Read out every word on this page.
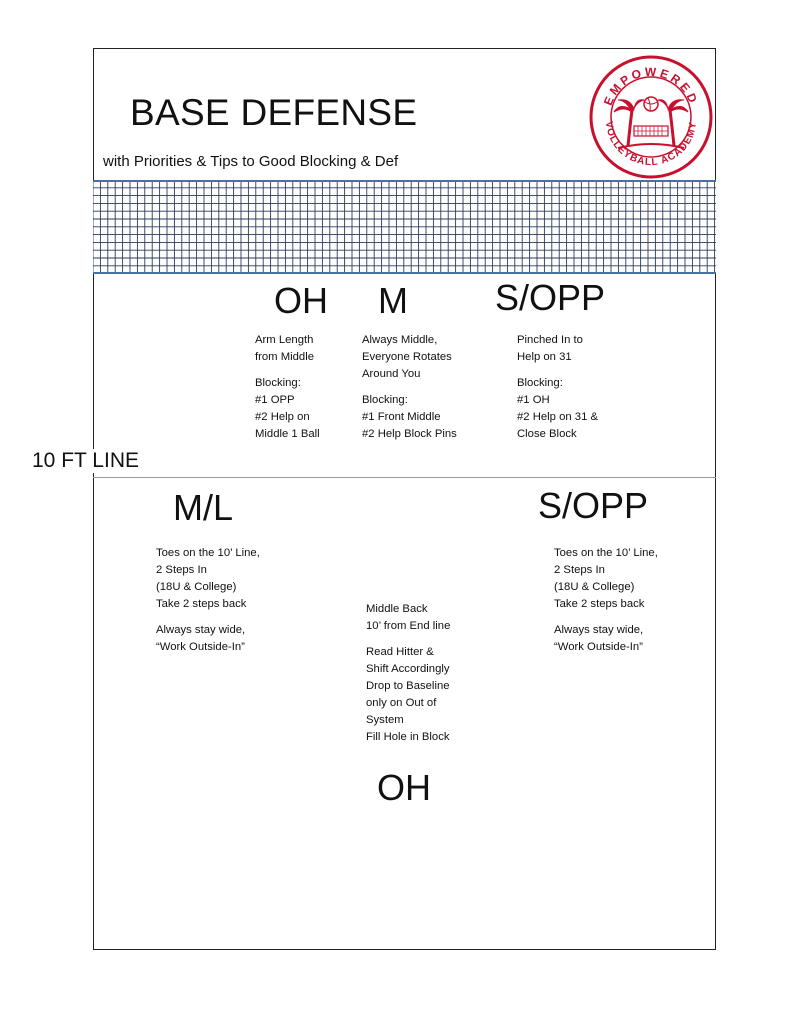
BASE DEFENSE

with Priorities & Tips to Good Blocking & Def

EMPOWERED
VOLLEYBALL ACADEMY
10 FT LINE
OH

Arm Length
from Middle

Blocking:
#1 OPP
#2 Help on
Middle 1 Ball

M

Always Middle,
Everyone Rotates
Around You

Blocking:
#1 Front Middle
#2 Help Block Pins

S/OPP

Pinched In to
Help on 31

Blocking:
#1 OH
#2 Help on 31 &
Close Block

M/L

Toes on the 10’ Line,
2 Steps In
(18U & College)
Take 2 steps back

Always stay wide,
“Work Outside-In”

Middle Back
10’ from End line

Read Hitter &
Shift Accordingly
Drop to Baseline
only on Out of
System
Fill Hole in Block

S/OPP

Toes on the 10’ Line,
2 Steps In
(18U & College)
Take 2 steps back

Always stay wide,
“Work Outside-In”

OH
